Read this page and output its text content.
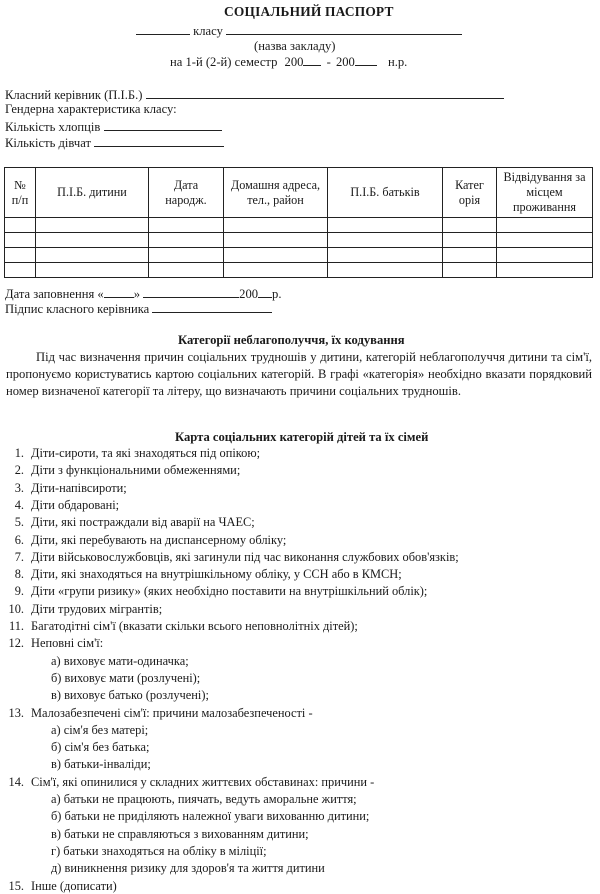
СОЦІАЛЬНИЙ ПАСПОРТ
класу
(назва закладу)
на 1-й (2-й) семестр 200 - 200	н.р.
Класний керівник (П.І.Б.)
Гендерна характеристика класу:
Кількість хлопців
Кількість дівчат
№ п/п	П.І.Б. дитини	Дата народж.	Домашня адреса, тел., район	П.І.Б. батьків	Категорія	Відвідування за місцем проживання

Дата заповнення « »	200 р.
Підпис класного керівника
Категорії неблагополуччя, їх кодування
Під час визначення причин соціальних трудношів у дитини, категорій неблагополуччя дитини та сім'ї, пропонуємо користуватись картою соціальних категорій. В графі «категорія» необхідно вказати порядковий номер визначеної категорії та літеру, що визначають причини соціальних трудношів.
Карта соціальних категорій дітей та їх сімей
1. Діти-сироти, та які знаходяться під опікою;
2. Діти з функціональними обмеженнями;
3. Діти-напівсироти;
4. Діти обдаровані;
5. Діти, які постраждали від аварії на ЧАЕС;
6. Діти, які перебувають на диспансерному обліку;
7. Діти військовослужбовців, які загинули під час виконання службових обов'язків;
8. Діти, які знаходяться на внутрішкільному обліку, у ССН або в КМСН;
9. Діти «групи ризику» (яких необхідно поставити на внутрішкільний облік);
10. Діти трудових мігрантів;
11. Багатодітні сім'ї (вказати скільки всього неповнолітніх дітей);
12. Неповні сім'ї:
а) виховує мати-одиначка;
б) виховує мати (розлучені);
в) виховує батько (розлучені);
13. Малозабезпечені сім'ї: причини малозабезпеченості -
а) сім'я без матері;
б) сім'я без батька;
в) батьки-інваліди;
14. Сім'ї, які опинилися у складних життєвих обставинах: причини -
а) батьки не працюють, пиячать, ведуть аморальне життя;
б) батьки не приділяють належної уваги вихованню дитини;
в) батьки не справляються з вихованням дитини;
г) батьки знаходяться на обліку в міліції;
д) виникнення ризику для здоров'я та життя дитини
15. Інше (дописати)
